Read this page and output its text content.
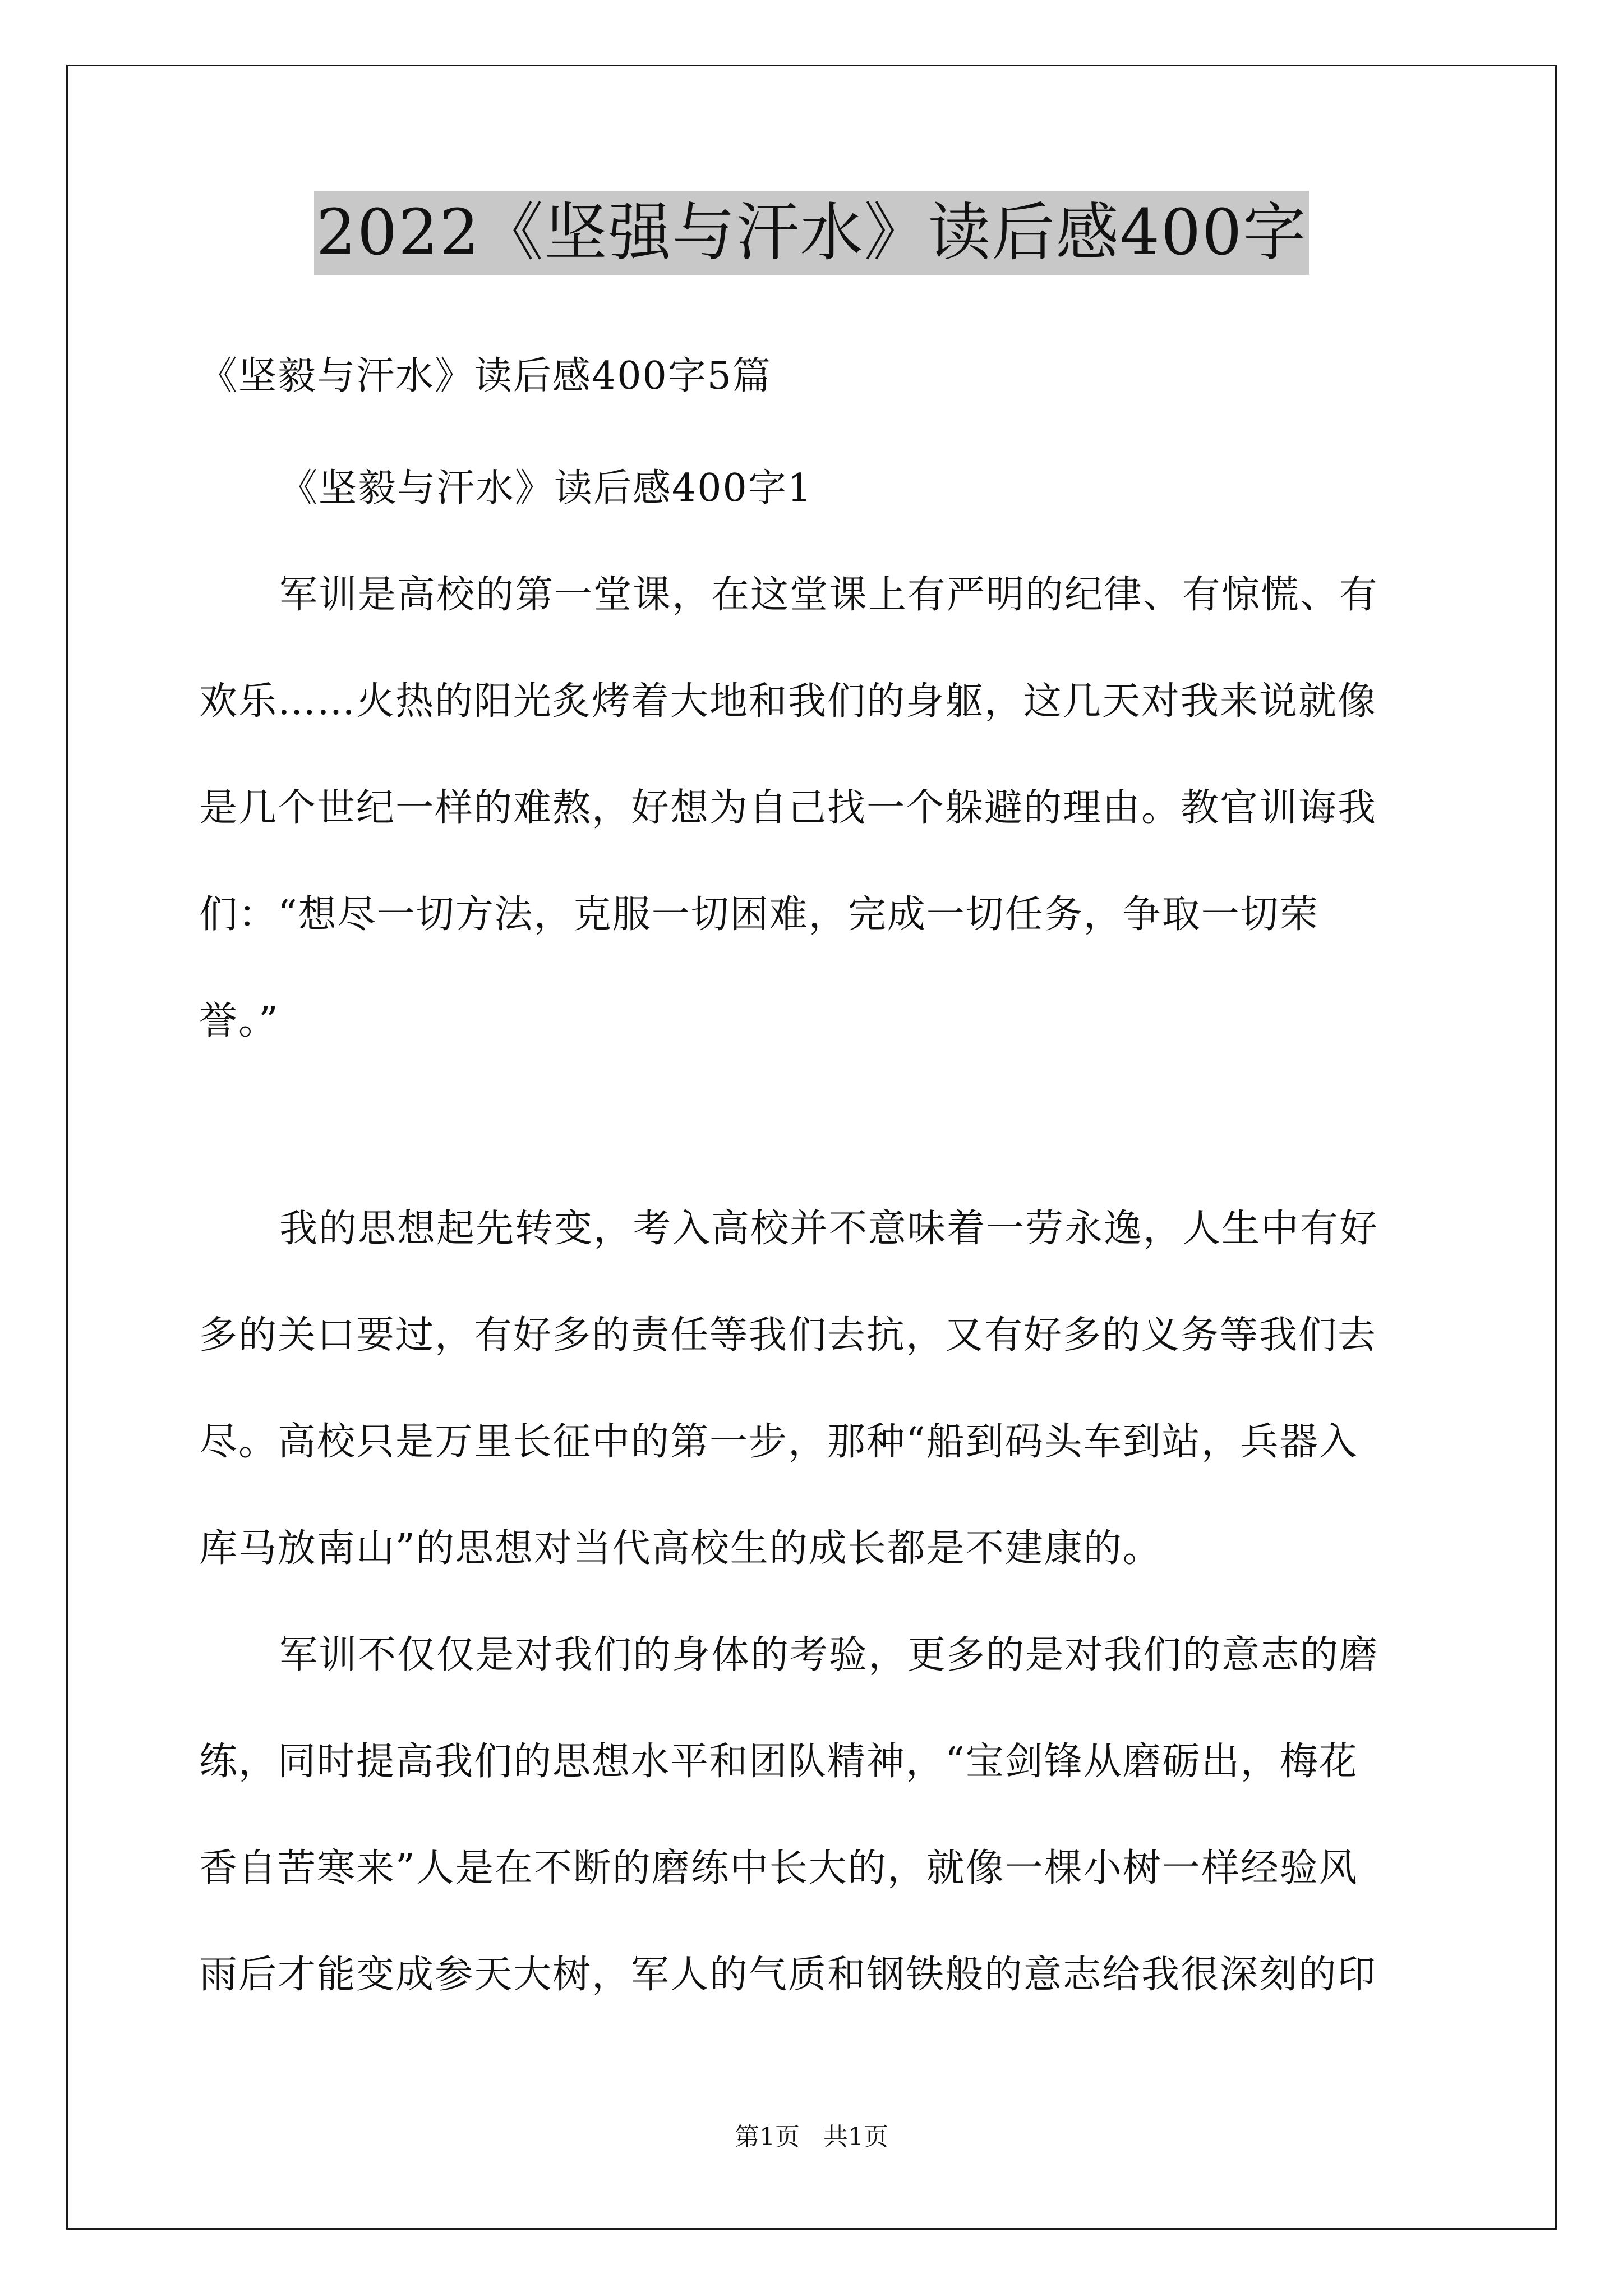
2022《坚强与汗水》读后感400字
《坚毅与汗水》读后感400字5篇
《坚毅与汗水》读后感400字1
军训是高校的第一堂课，在这堂课上有严明的纪律、有惊慌、有
欢乐……火热的阳光炙烤着大地和我们的身躯，这几天对我来说就像
是几个世纪一样的难熬，好想为自己找一个躲避的理由。教官训诲我
们：“想尽一切方法，克服一切困难，完成一切任务，争取一切荣
誉。”
我的思想起先转变，考入高校并不意味着一劳永逸，人生中有好
多的关口要过，有好多的责任等我们去抗，又有好多的义务等我们去
尽。高校只是万里长征中的第一步，那种“船到码头车到站，兵器入
库马放南山”的思想对当代高校生的成长都是不建康的。
军训不仅仅是对我们的身体的考验，更多的是对我们的意志的磨
练，同时提高我们的思想水平和团队精神，“宝剑锋从磨砺出，梅花
香自苦寒来”人是在不断的磨练中长大的，就像一棵小树一样经验风
雨后才能变成参天大树，军人的气质和钢铁般的意志给我很深刻的印
第1页   共1页
